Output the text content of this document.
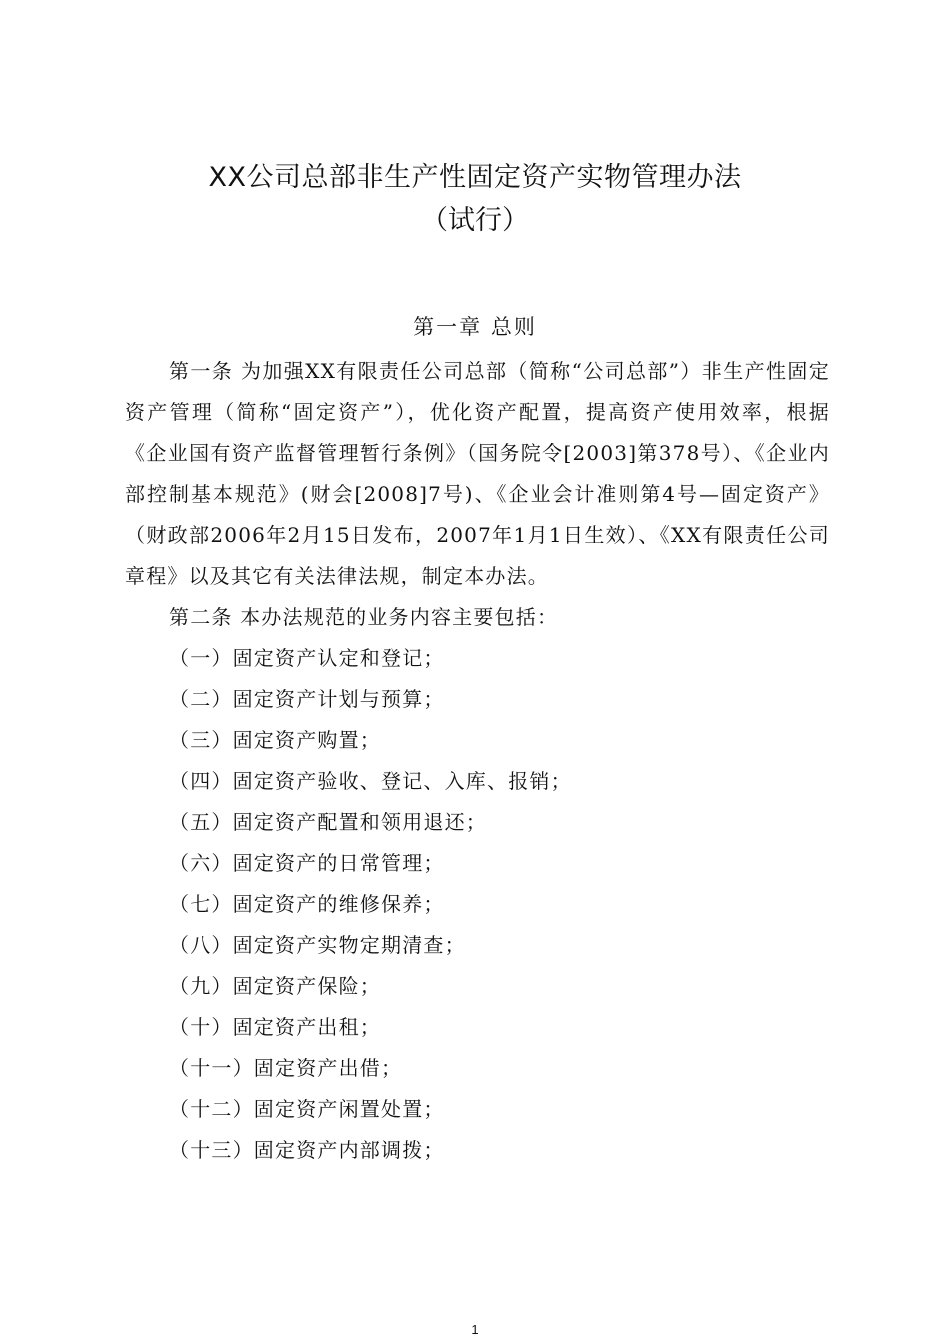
XX公司总部非生产性固定资产实物管理办法
（试行）
第一章 总则

第一条 为加强XX有限责任公司总部（简称“公司总部”）非生产性固定资产管理（简称“固定资产”），优化资产配置，提高资产使用效率，根据《企业国有资产监督管理暂行条例》（国务院令[2003]第378号）、《企业内部控制基本规范》(财会[2008]7号)、《企业会计准则第4号—固定资产》（财政部2006年2月15日发布，2007年1月1日生效）、《XX有限责任公司章程》以及其它有关法律法规，制定本办法。

第二条 本办法规范的业务内容主要包括：

（一）固定资产认定和登记；

（二）固定资产计划与预算；

（三）固定资产购置；

（四）固定资产验收、登记、入库、报销；

（五）固定资产配置和领用退还；

（六）固定资产的日常管理；

（七）固定资产的维修保养；

（八）固定资产实物定期清查；

（九）固定资产保险；

（十）固定资产出租；

（十一）固定资产出借；

（十二）固定资产闲置处置；

（十三）固定资产内部调拨；

1
